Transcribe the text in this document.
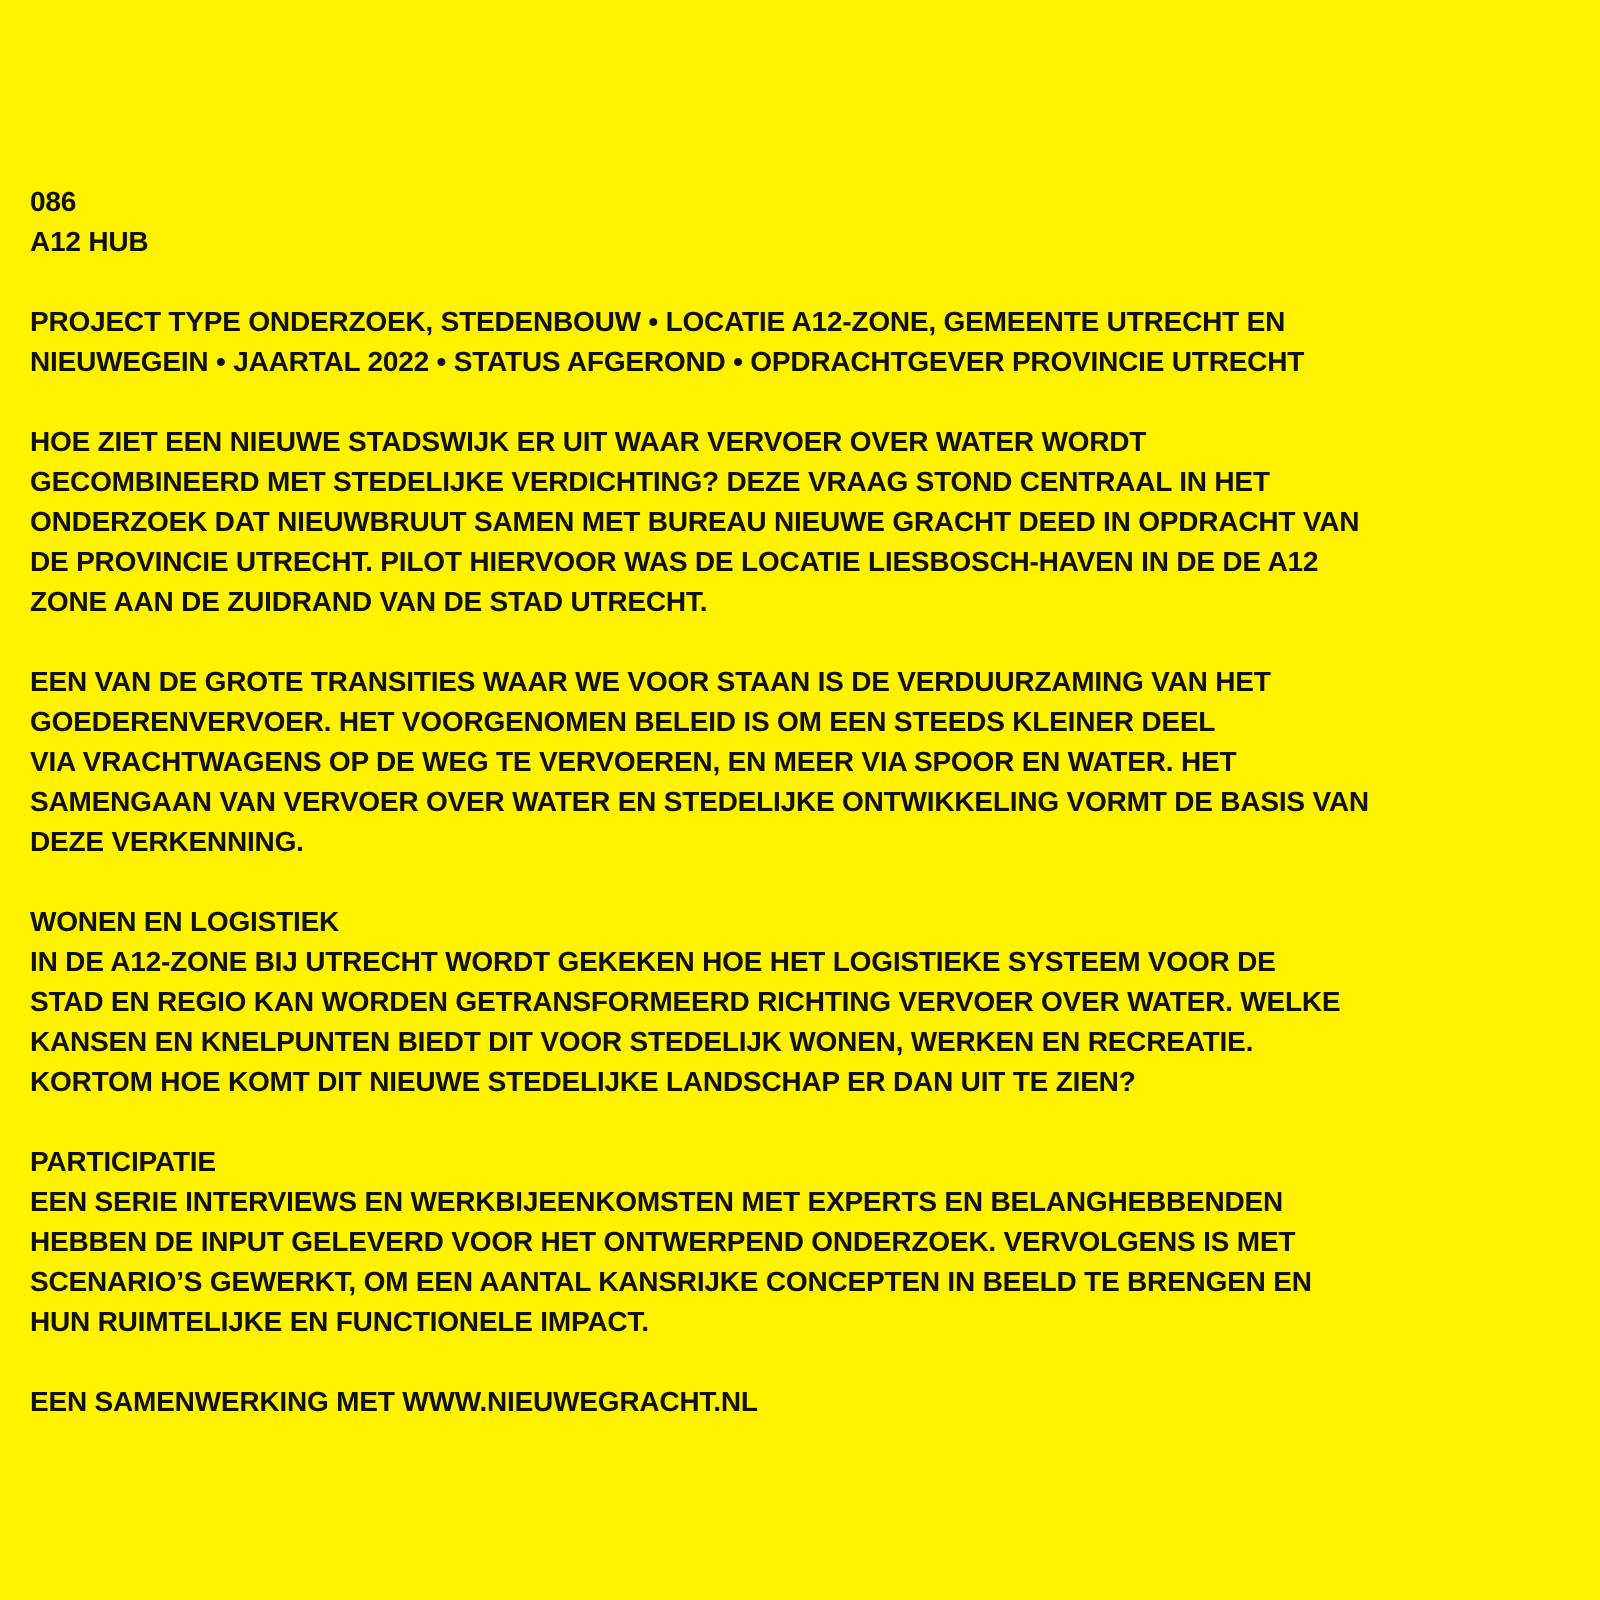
086
A12 HUB
PROJECT TYPE ONDERZOEK, STEDENBOUW • LOCATIE A12-ZONE, GEMEENTE UTRECHT EN
NIEUWEGEIN • JAARTAL 2022 • STATUS AFGEROND • OPDRACHTGEVER PROVINCIE UTRECHT
HOE ZIET EEN NIEUWE STADSWIJK ER UIT WAAR VERVOER OVER WATER WORDT
GECOMBINEERD MET STEDELIJKE VERDICHTING? DEZE VRAAG STOND CENTRAAL IN HET
ONDERZOEK DAT NIEUWBRUUT SAMEN MET BUREAU NIEUWE GRACHT DEED IN OPDRACHT VAN
DE PROVINCIE UTRECHT. PILOT HIERVOOR WAS DE LOCATIE LIESBOSCH-HAVEN IN DE DE A12
ZONE AAN DE ZUIDRAND VAN DE STAD UTRECHT.
EEN VAN DE GROTE TRANSITIES WAAR WE VOOR STAAN IS DE VERDUURZAMING VAN HET
GOEDERENVERVOER. HET VOORGENOMEN BELEID IS OM EEN STEEDS KLEINER DEEL
VIA VRACHTWAGENS OP DE WEG TE VERVOEREN, EN MEER VIA SPOOR EN WATER. HET
SAMENGAAN VAN VERVOER OVER WATER EN STEDELIJKE ONTWIKKELING VORMT DE BASIS VAN
DEZE VERKENNING.
WONEN EN LOGISTIEK
IN DE A12-ZONE BIJ UTRECHT WORDT GEKEKEN HOE HET LOGISTIEKE SYSTEEM VOOR DE
STAD EN REGIO KAN WORDEN GETRANSFORMEERD RICHTING VERVOER OVER WATER. WELKE
KANSEN EN KNELPUNTEN BIEDT DIT VOOR STEDELIJK WONEN, WERKEN EN RECREATIE.
KORTOM HOE KOMT DIT NIEUWE STEDELIJKE LANDSCHAP ER DAN UIT TE ZIEN?
PARTICIPATIE
EEN SERIE INTERVIEWS EN WERKBIJEENKOMSTEN MET EXPERTS EN BELANGHEBBENDEN
HEBBEN DE INPUT GELEVERD VOOR HET ONTWERPEND ONDERZOEK. VERVOLGENS IS MET
SCENARIO’S GEWERKT, OM EEN AANTAL KANSRIJKE CONCEPTEN IN BEELD TE BRENGEN EN
HUN RUIMTELIJKE EN FUNCTIONELE IMPACT.
EEN SAMENWERKING MET WWW.NIEUWEGRACHT.NL
